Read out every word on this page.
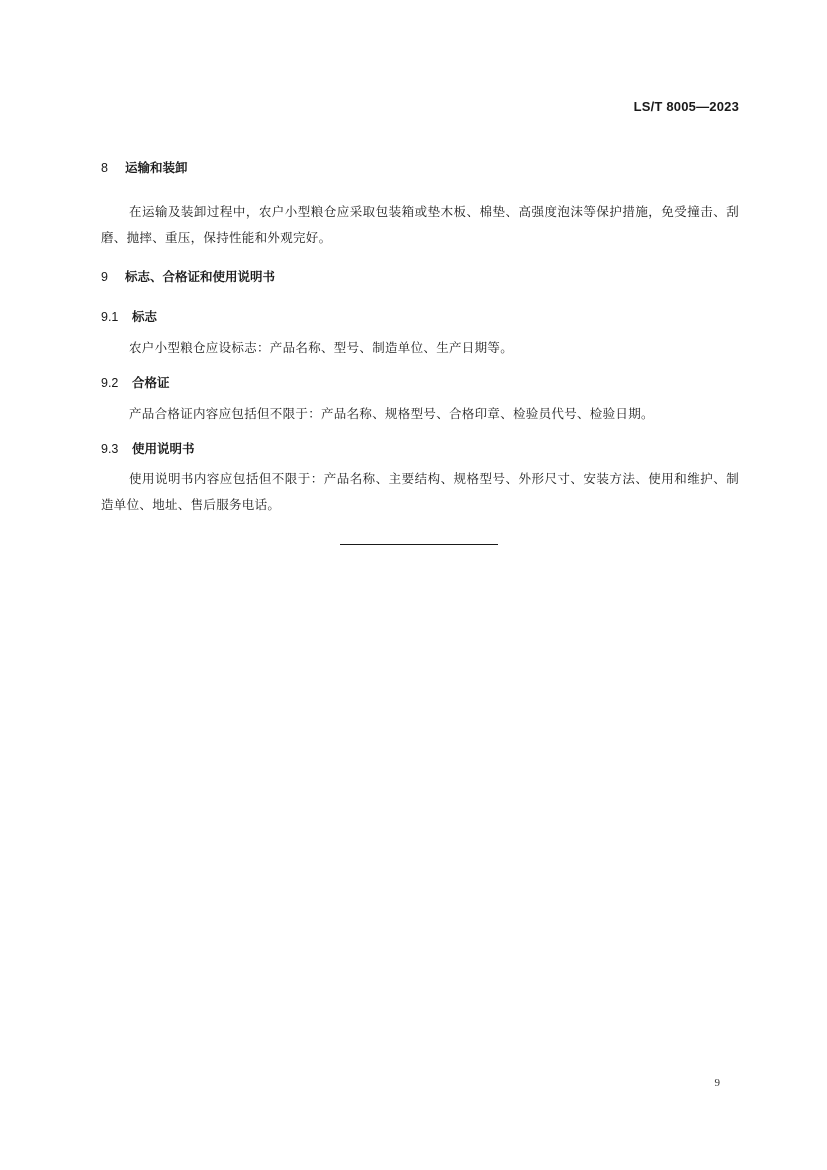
LS/T 8005—2023
8 运输和装卸
在运输及装卸过程中，农户小型粮仓应采取包装箱或垫木板、棉垫、高强度泡沫等保护措施，免受撞击、刮磨、抛摔、重压，保持性能和外观完好。
9 标志、合格证和使用说明书
9.1 标志
农户小型粮仓应设标志：产品名称、型号、制造单位、生产日期等。
9.2 合格证
产品合格证内容应包括但不限于：产品名称、规格型号、合格印章、检验员代号、检验日期。
9.3 使用说明书
使用说明书内容应包括但不限于：产品名称、主要结构、规格型号、外形尺寸、安装方法、使用和维护、制造单位、地址、售后服务电话。
9
